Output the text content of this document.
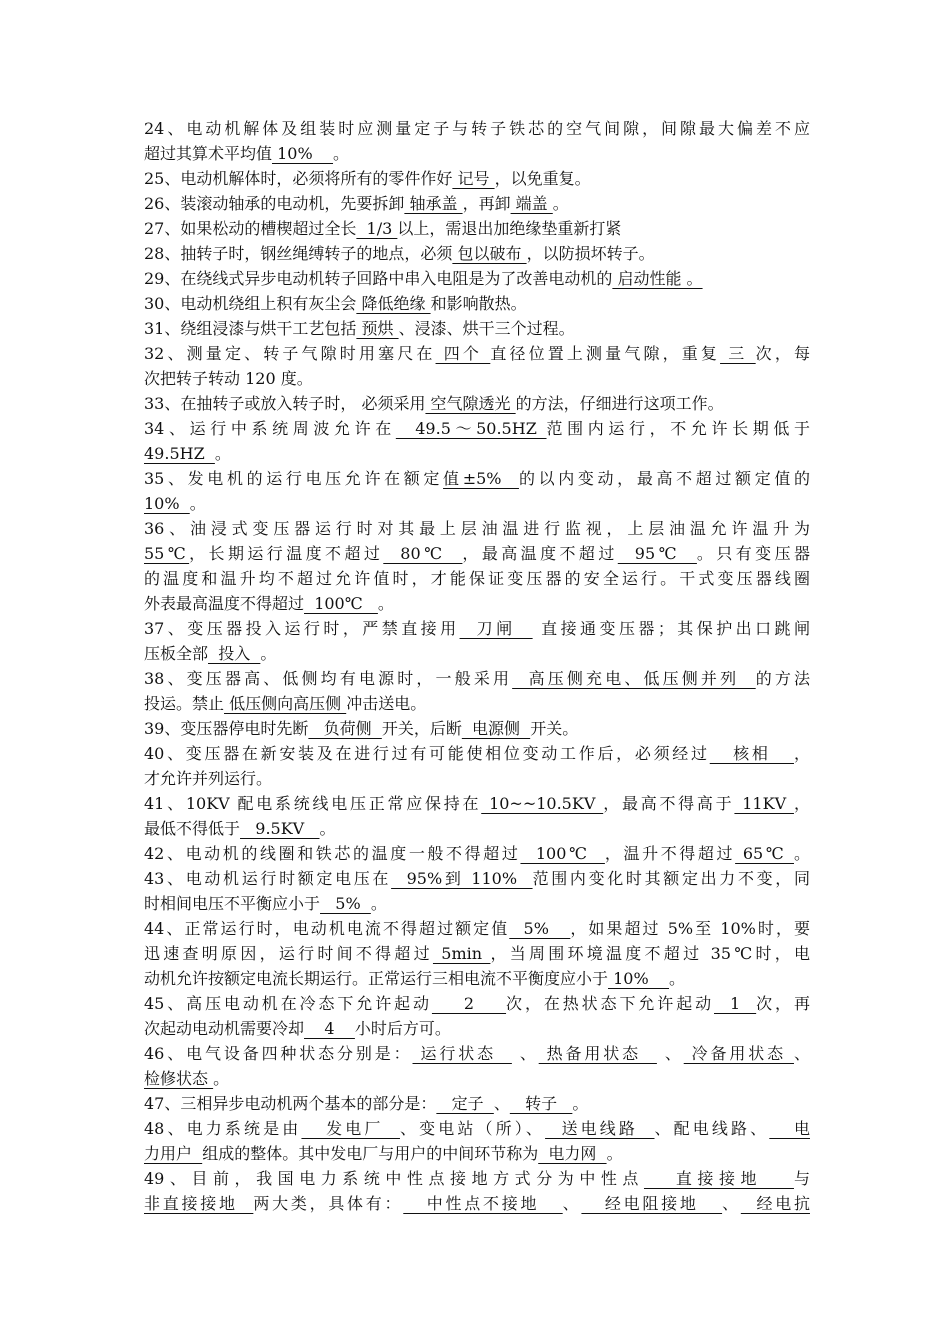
24、电动机解体及组装时应测量定子与转子铁芯的空气间隙，间隙最大偏差不应
超过其算术平均值 10%    。
25、电动机解体时，必须将所有的零件作好 记号 ，以免重复。
26、装滚动轴承的电动机，先要拆卸 轴承盖 ，再卸 端盖 。
27、如果松动的槽楔超过全长  1/3 以上，需退出加绝缘垫重新打紧
28、抽转子时，钢丝绳缚转子的地点，必须 包以破布 ，以防损坏转子。
29、在绕线式异步电动机转子回路中串入电阻是为了改善电动机的 启动性能 。
30、电动机绕组上积有灰尘会 降低绝缘 和影响散热。
31、绕组浸漆与烘干工艺包括 预烘 、浸漆、烘干三个过程。
32、测量定、转子气隙时用塞尺在 四个 直径位置上测量气隙，重复 三 次，每
次把转子转动 120 度。
33、在抽转子或放入转子时， 必须采用 空气隙透光 的方法，仔细进行这项工作。
34、运行中系统周波允许在  49.5～50.5HZ 范围内运行，不允许长期低于
49.5HZ  。
35、发电机的运行电压允许在额定值±5%  的以内变动，最高不超过额定值的
10%  。
36、油浸式变压器运行时对其最上层油温进行监视，上层油温允许温升为
55℃，长期运行温度不超过  80℃  ，最高温度不超过  95℃  。只有变压器
的温度和温升均不超过允许值时，才能保证变压器的安全运行。干式变压器线圈
外表最高温度不得超过  100℃   。
37、变压器投入运行时，严禁直接用  刀闸   直接通变压器；其保护出口跳闸
压板全部  投入  。
38、变压器高、低侧均有电源时，一般采用  高压侧充电、低压侧并列  的方法
投运。禁止 低压侧向高压侧 冲击送电。
39、变压器停电时先断   负荷侧  开关，后断  电源侧  开关。
40、变压器在新安装及在进行过有可能使相位变动工作后，必须经过   核相   ，
才允许并列运行。
41、10KV 配电系统线电压正常应保持在 10~~10.5KV ，最高不得高于 11KV ，
最低不得低于   9.5KV   。
42、电动机的线圈和铁芯的温度一般不得超过  100℃  ，温升不得超过 65℃ 。
43、电动机运行时额定电压在  95%到 110%  范围内变化时其额定出力不变，同
时相间电压不平衡应小于   5%  。
44、正常运行时，电动机电流不得超过额定值  5%   ，如果超过 5%至 10%时，要
迅速查明原因，运行时间不得超过 5min ，当周围环境温度不超过 35℃时，电
动机允许按额定电流长期运行。正常运行三相电流不平衡度应小于 10%    。
45、高压电动机在冷态下允许起动    2    次，在热状态下允许起动  1  次，再
次起动电动机需要冷却    4    小时后方可。
46、电气设备四种状态分别是： 运行状态   、 热备用状态   、 冷备用状态 、
检修状态 。
47、三相异步电动机两个基本的部分是：   定子  、   转子   。
48、电力系统是由   发电厂  、变电站（所）、  送电线路  、配电线路、   电
力用户  组成的整体。其中发电厂与用户的中间环节称为  电力网  。
49、目前，我国电力系统中性点接地方式分为中性点   直接接地   与
非直接接地  两大类，具体有：   中性点不接地   、   经电阻接地   、  经电抗
